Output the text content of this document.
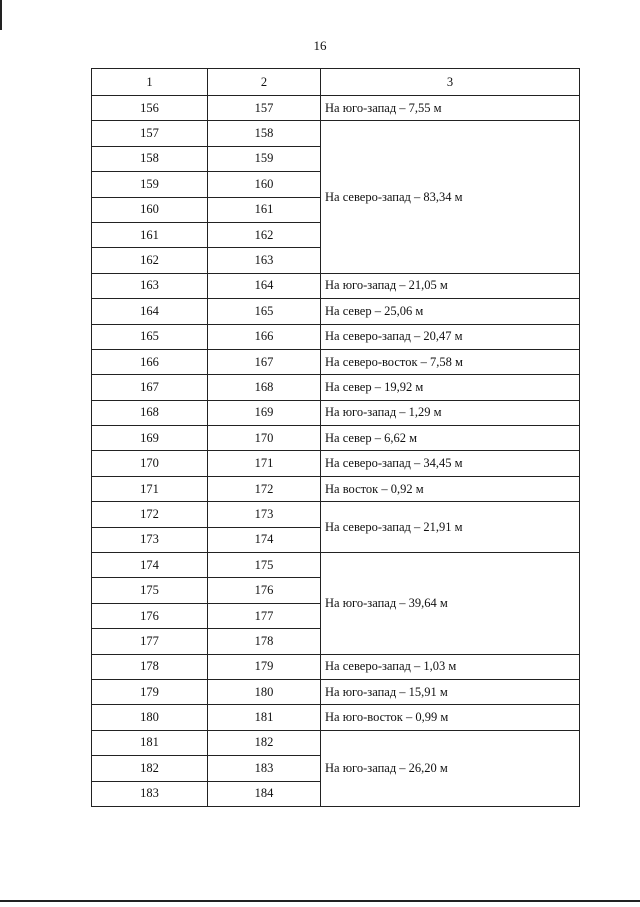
16
1	2	3
156	157	На юго-запад – 7,55 м
157	158	На северо-запад – 83,34 м
158	159	
159	160	
160	161	
161	162	
162	163	
163	164	На юго-запад – 21,05 м
164	165	На север – 25,06 м
165	166	На северо-запад – 20,47 м
166	167	На северо-восток – 7,58 м
167	168	На север – 19,92 м
168	169	На юго-запад – 1,29 м
169	170	На север – 6,62 м
170	171	На северо-запад – 34,45 м
171	172	На восток – 0,92 м
172	173	На северо-запад – 21,91 м
173	174	
174	175	На юго-запад – 39,64 м
175	176	
176	177	
177	178	
178	179	На северо-запад – 1,03 м
179	180	На юго-запад – 15,91 м
180	181	На юго-восток – 0,99 м
181	182	На юго-запад – 26,20 м
182	183	
183	184	
